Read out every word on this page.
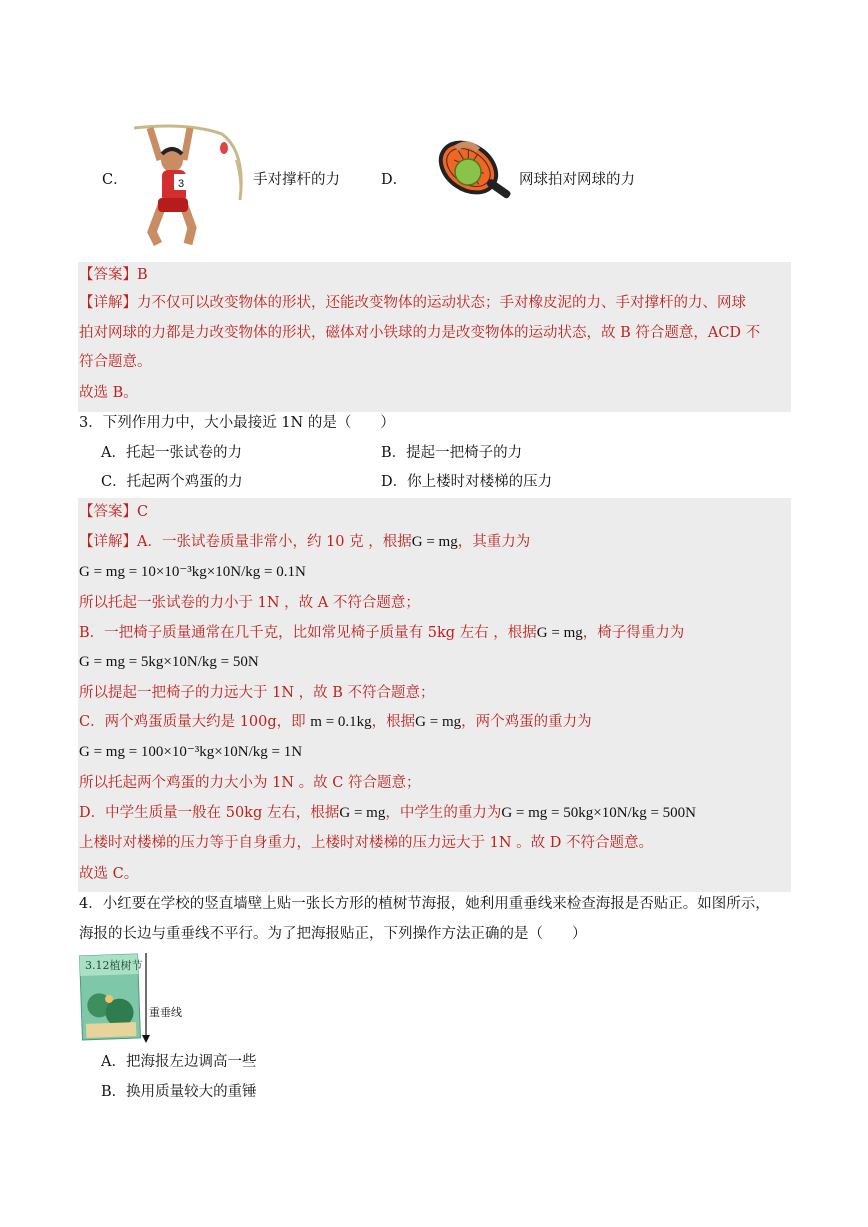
C．	3	手对撑杆的力	D．	网球拍对网球的力
【答案】B
【详解】力不仅可以改变物体的形状，还能改变物体的运动状态；手对橡皮泥的力、手对撑杆的力、网球
拍对网球的力都是力改变物体的形状，磁体对小铁球的力是改变物体的运动状态，故 B 符合题意，ACD 不
符合题意。
故选 B。
3．下列作用力中，大小最接近 1N 的是（　　）
A．托起一张试卷的力	B．提起一把椅子的力
C．托起两个鸡蛋的力	D．你上楼时对楼梯的压力
【答案】C
【详解】A．一张试卷质量非常小，约 10 克 ，根据G = mg，其重力为
G = mg = 10×10⁻³kg×10N/kg = 0.1N
所以托起一张试卷的力小于 1N ，故 A 不符合题意；
B．一把椅子质量通常在几千克，比如常见椅子质量有 5kg 左右 ，根据G = mg，椅子得重力为
G = mg = 5kg×10N/kg = 50N
所以提起一把椅子的力远大于 1N ，故 B 不符合题意；
C．两个鸡蛋质量大约是 100g，即 m = 0.1kg，根据G = mg，两个鸡蛋的重力为
G = mg = 100×10⁻³kg×10N/kg = 1N
所以托起两个鸡蛋的力大小为 1N 。故 C 符合题意；
D．中学生质量一般在 50kg 左右，根据G = mg，中学生的重力为G = mg = 50kg×10N/kg = 500N
上楼时对楼梯的压力等于自身重力，上楼时对楼梯的压力远大于 1N 。故 D 不符合题意。
故选 C。
4．小红要在学校的竖直墙壁上贴一张长方形的植树节海报，她利用重垂线来检查海报是否贴正。如图所示，
海报的长边与重垂线不平行。为了把海报贴正，下列操作方法正确的是（　　）
3.12植树节
重垂线
A．把海报左边调高一些
B．换用质量较大的重锤
